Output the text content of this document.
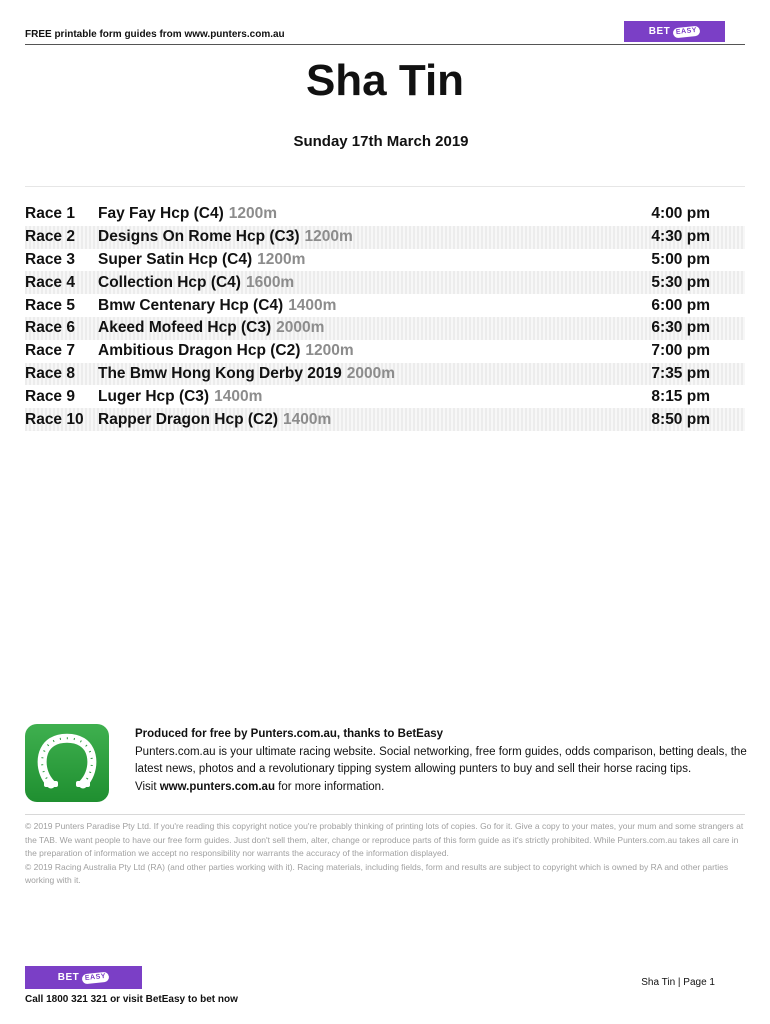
FREE printable form guides from www.punters.com.au	BET EASY
Sha Tin
Sunday 17th March 2019
Race 1	Fay Fay Hcp (C4) 1200m	4:00 pm
Race 2	Designs On Rome Hcp (C3) 1200m	4:30 pm
Race 3	Super Satin Hcp (C4) 1200m	5:00 pm
Race 4	Collection Hcp (C4) 1600m	5:30 pm
Race 5	Bmw Centenary Hcp (C4) 1400m	6:00 pm
Race 6	Akeed Mofeed Hcp (C3) 2000m	6:30 pm
Race 7	Ambitious Dragon Hcp (C2) 1200m	7:00 pm
Race 8	The Bmw Hong Kong Derby 2019 2000m	7:35 pm
Race 9	Luger Hcp (C3) 1400m	8:15 pm
Race 10 Rapper Dragon Hcp (C2) 1400m	8:50 pm
Produced for free by Punters.com.au, thanks to BetEasy
Punters.com.au is your ultimate racing website. Social networking, free form guides, odds comparison, betting deals, the latest news, photos and a revolutionary tipping system allowing punters to buy and sell their horse racing tips.
Visit www.punters.com.au for more information.
© 2019 Punters Paradise Pty Ltd. If you're reading this copyright notice you're probably thinking of printing lots of copies. Go for it. Give a copy to your mates, your mum and some strangers at the TAB. We want people to have our free form guides. Just don't sell them, alter, change or reproduce parts of this form guide as it's strictly prohibited. While Punters.com.au takes all care in the preparation of information we accept no responsibility nor warrants the accuracy of the information displayed.
© 2019 Racing Australia Pty Ltd (RA) (and other parties working with it). Racing materials, including fields, form and results are subject to copyright which is owned by RA and other parties working with it.
BET EASY
Call 1800 321 321 or visit BetEasy to bet now
Sha Tin | Page 1
